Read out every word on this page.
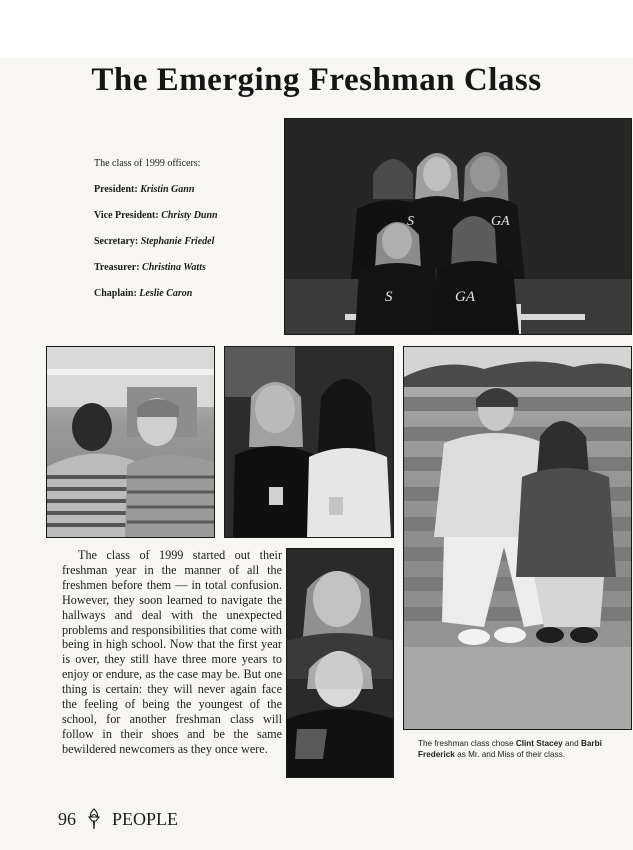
The Emerging Freshman Class

The class of 1999 officers:

President: Kristin Gann

Vice President: Christy Dunn

Secretary: Stephanie Friedel

Treasurer: Christina Watts

Chaplain: Leslie Caron

S	GA
S	GA

The class of 1999 started out their freshman year in the manner of all the freshmen before them — in total confusion. However, they soon learned to navigate the hallways and deal with the unexpected problems and responsibilities that come with being in high school. Now that the first year is over, they still have three more years to enjoy or endure, as the case may be. But one thing is certain: they will never again face the feeling of being the youngest of the school, for another freshman class will follow in their shoes and be the same bewildered newcomers as they once were.	The freshman class chose Clint Stacey and Barbi Frederick as Mr. and Miss of their class.

96 PEOPLE
